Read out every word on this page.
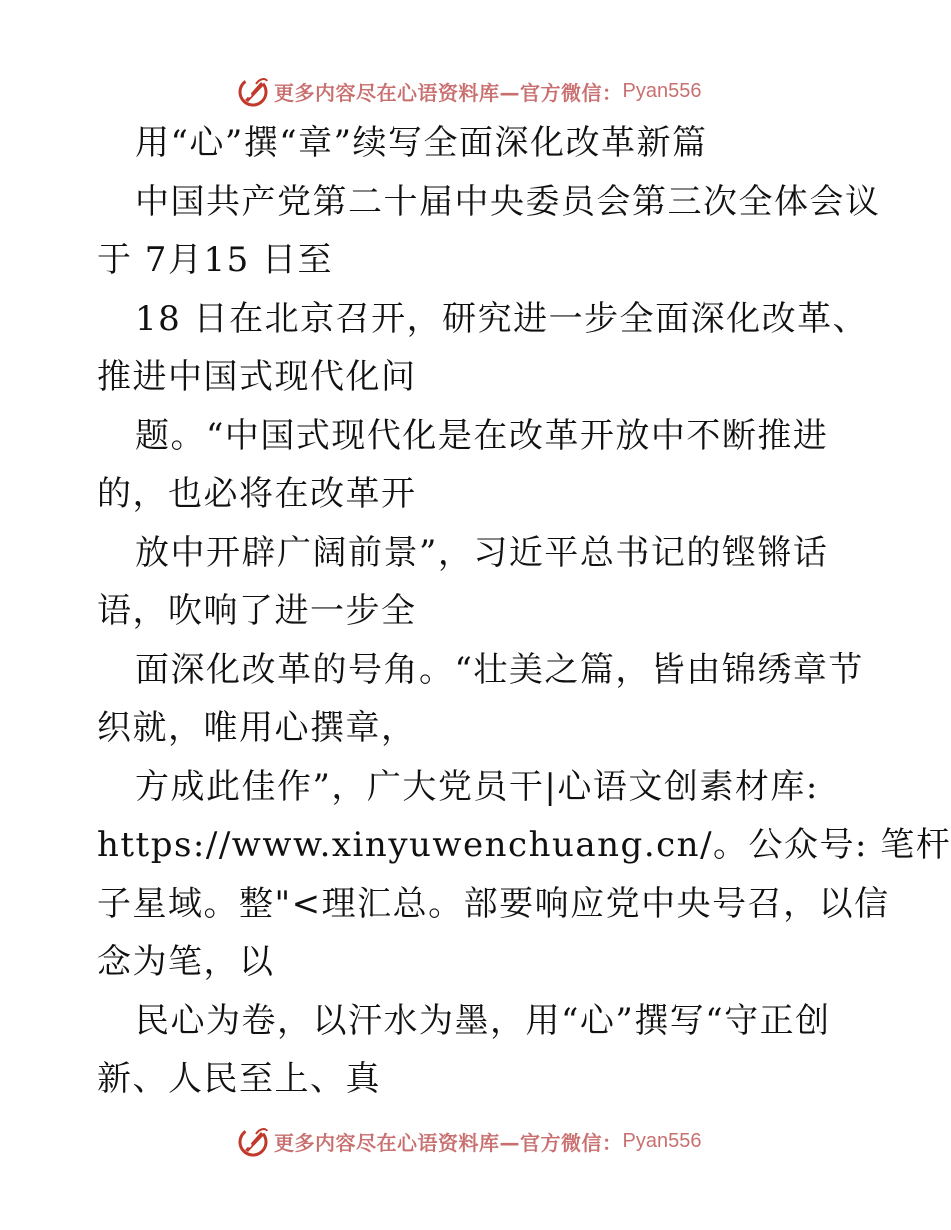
更多内容尽在心语资料库—官方微信： Pyan556
用“心”撰“章”续写全面深化改革新篇
中国共产党第二十届中央委员会第三次全体会议
于 7月15 日至
18 日在北京召开，研究进一步全面深化改革、
推进中国式现代化问
题。“中国式现代化是在改革开放中不断推进
的，也必将在改革开
放中开辟广阔前景”，习近平总书记的铿锵话
语，吹响了进一步全
面深化改革的号角。“壮美之篇，皆由锦绣章节
织就，唯用心撰章，
方成此佳作”，广大党员干|心语文创素材库:
https://www.xinyuwenchuang.cn/。公众号: 笔杆
子星域。整"<理汇总。部要响应党中央号召，以信
念为笔，以
民心为卷，以汗水为墨，用“心”撰写“守正创
新、人民至上、真
更多内容尽在心语资料库—官方微信： Pyan556
